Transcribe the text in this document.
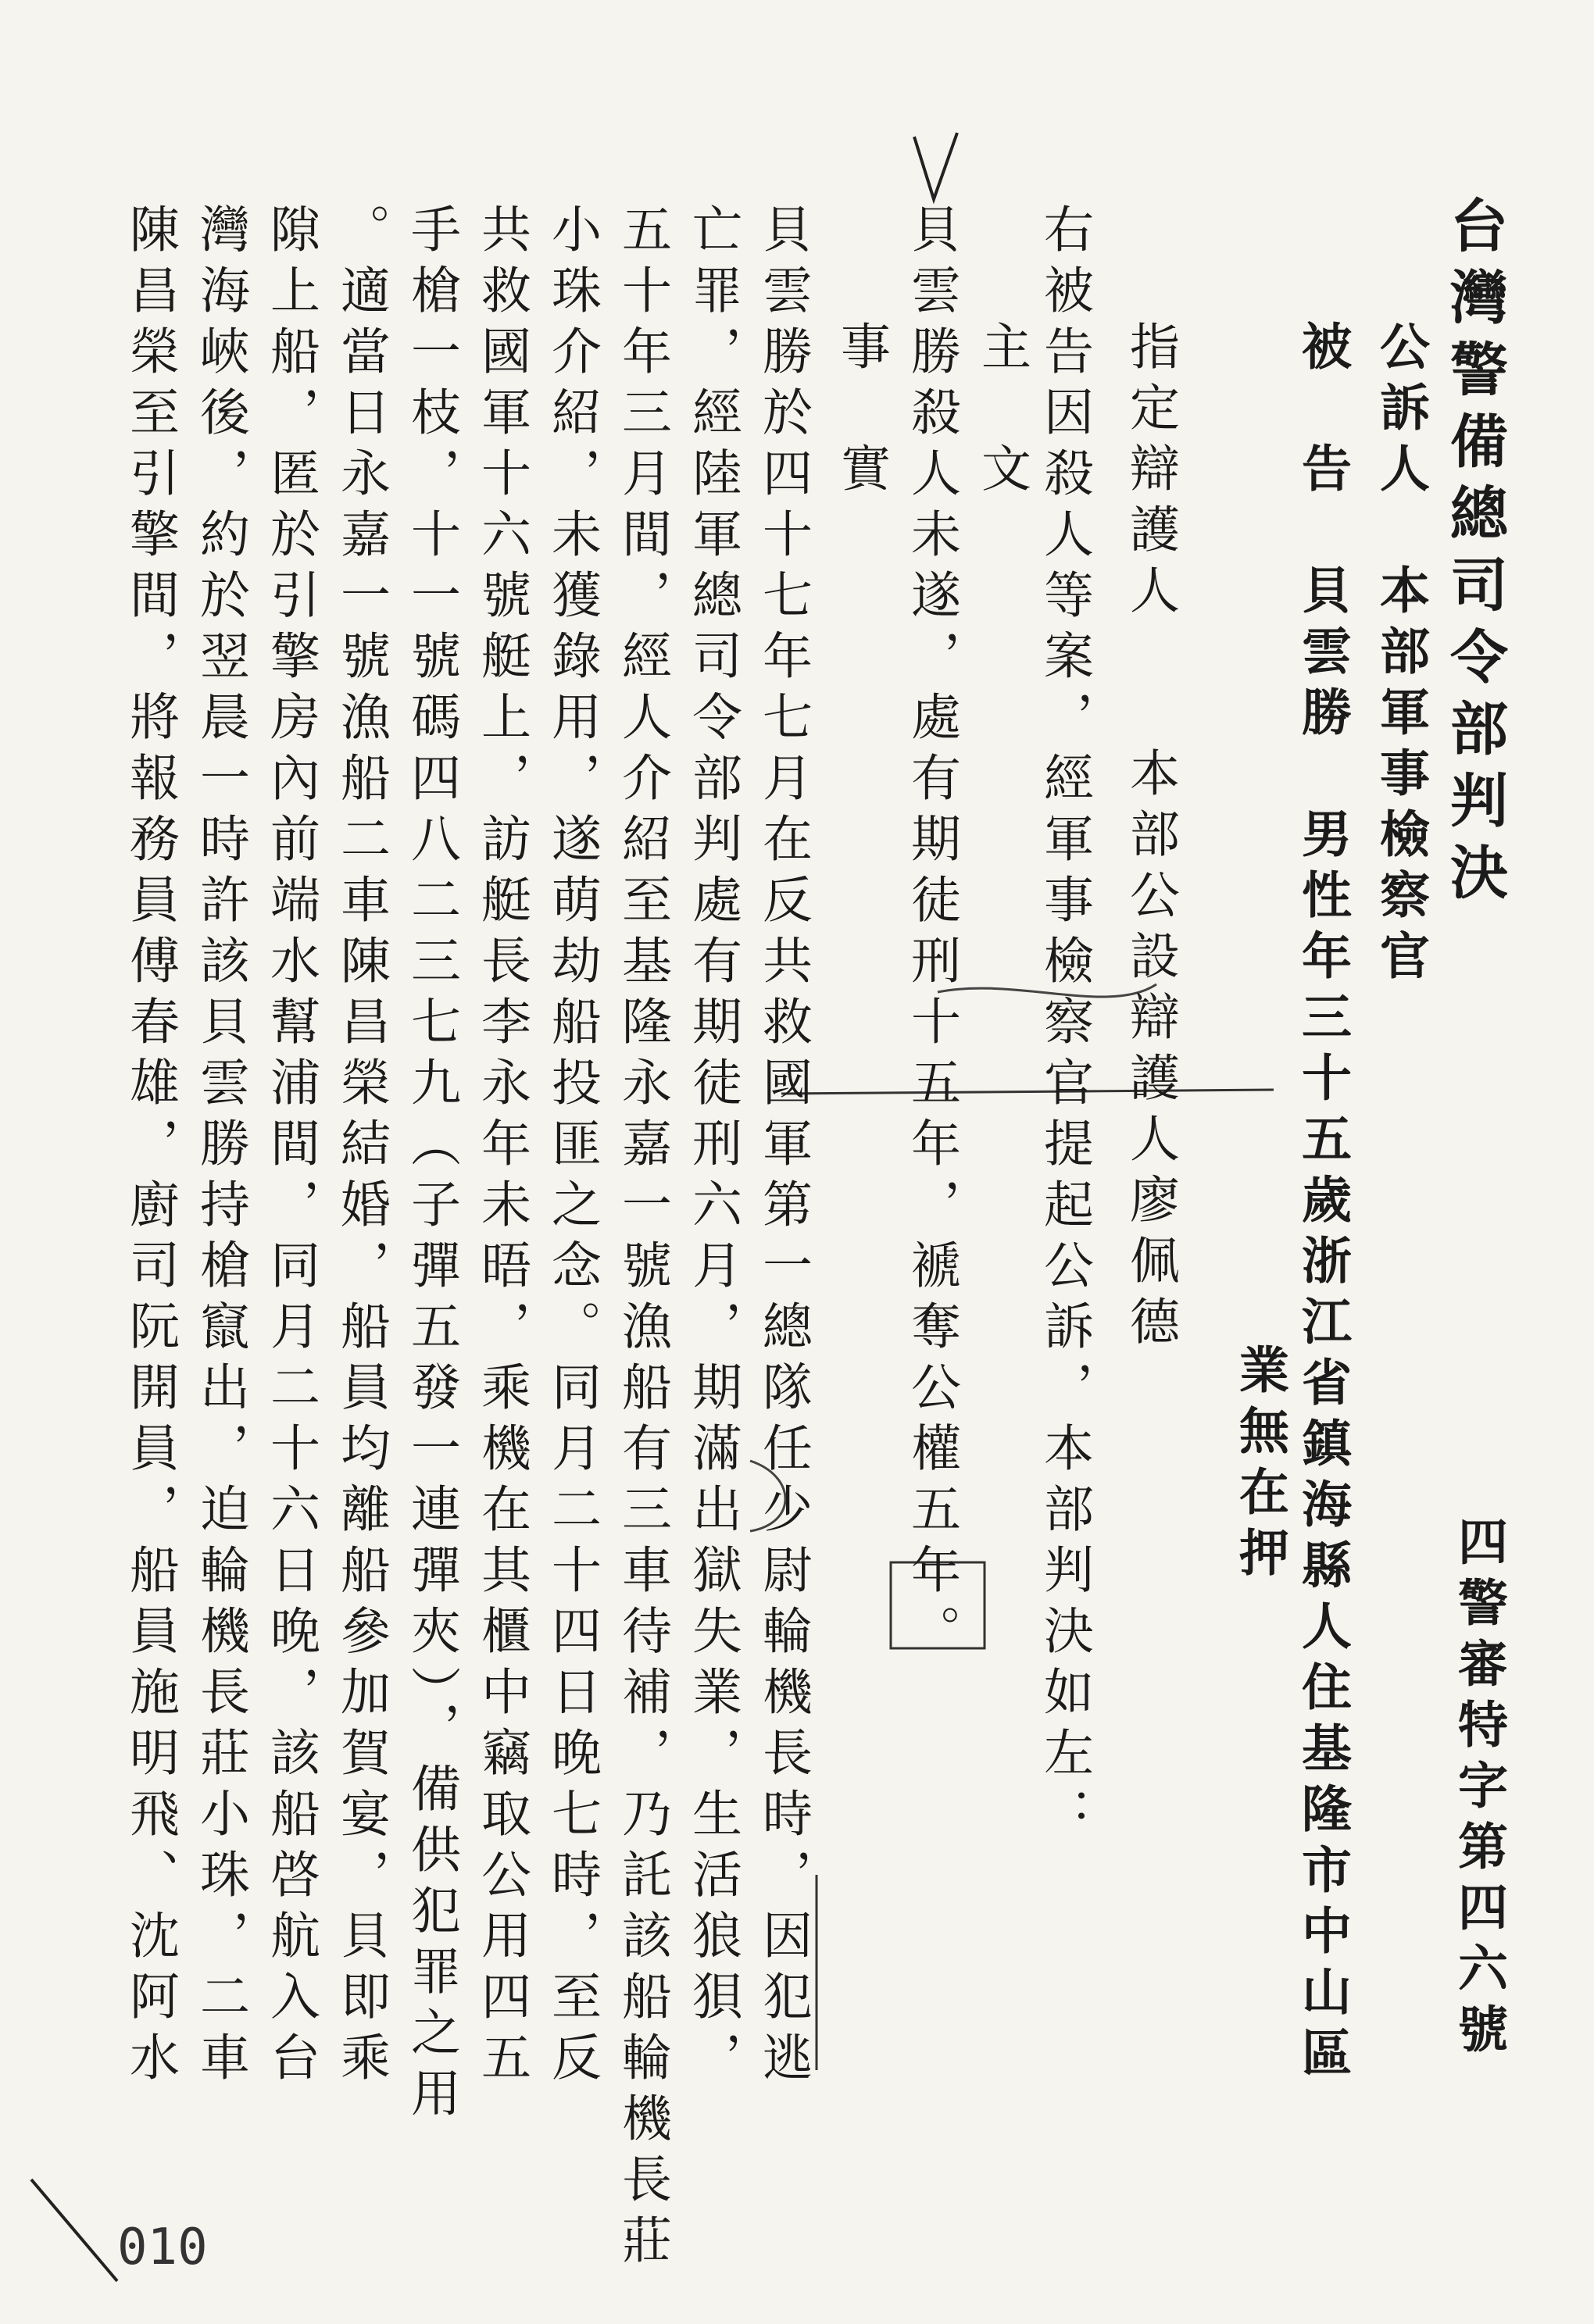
台灣警備總司令部判決
四警審特字第四六號
公訴人　本部軍事檢察官
被　告　貝雲勝　男性年三十五歲浙江省鎮海縣人住基隆市中山區
業無在押
指定辯護人　　本部公設辯護人廖佩德
右被告因殺人等案，經軍事檢察官提起公訴，本部判決如左：
主　文
貝雲勝殺人未遂，處有期徒刑十五年，褫奪公權五年。
事　實
貝雲勝於四十七年七月在反共救國軍第一總隊任少尉輪機長時，因犯逃
亡罪，經陸軍總司令部判處有期徒刑六月，期滿出獄失業，生活狼狽，
五十年三月間，經人介紹至基隆永嘉一號漁船有三車待補，乃託該船輪機長莊
小珠介紹，未獲錄用，遂萌劫船投匪之念。同月二十四日晚七時，至反
共救國軍十六號艇上，訪艇長李永年未晤，乘機在其櫃中竊取公用四五
手槍一枝，十一號碼四八二三七九（子彈五發一連彈夾），備供犯罪之用
。適當日永嘉一號漁船二車陳昌榮結婚，船員均離船參加賀宴，貝即乘
隙上船，匿於引擎房內前端水幫浦間，同月二十六日晚，該船啓航入台
灣海峽後，約於翌晨一時許該貝雲勝持槍竄出，迫輪機長莊小珠，二車
陳昌榮至引擎間，將報務員傅春雄，廚司阮開員，船員施明飛、沈阿水
010
